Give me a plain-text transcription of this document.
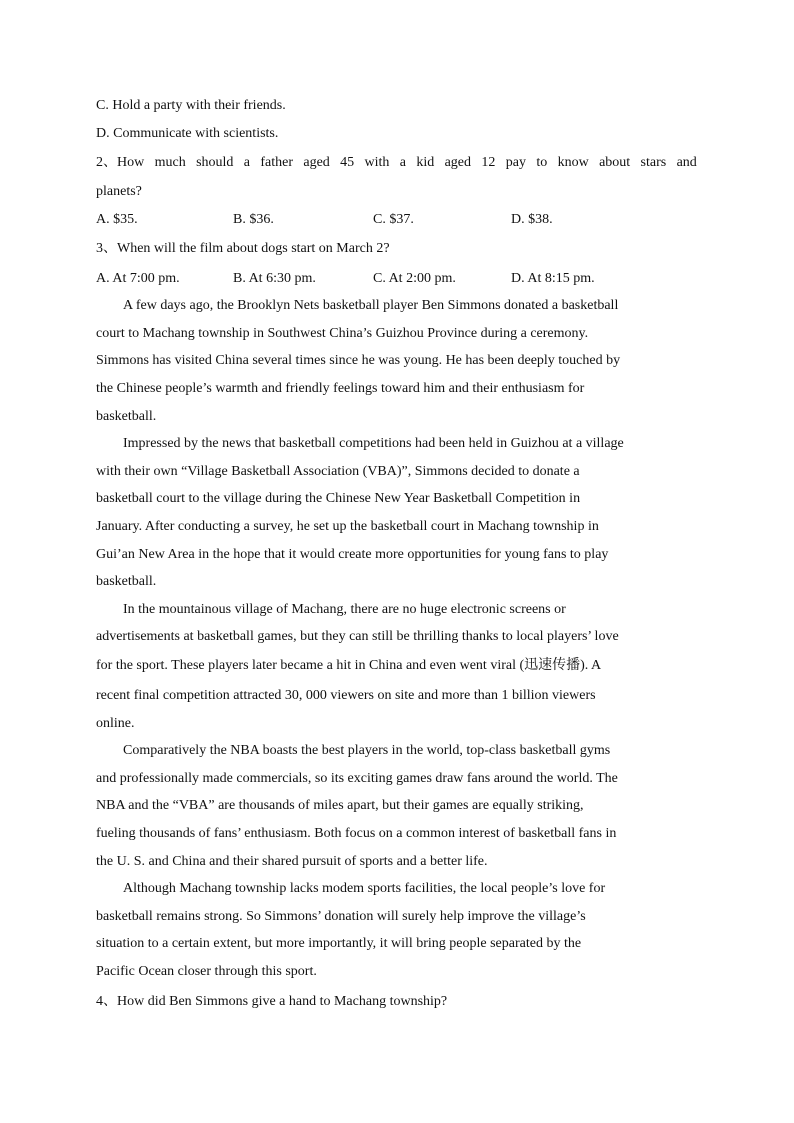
C. Hold a party with their friends.
D. Communicate with scientists.
2、How much should a father aged 45 with a kid aged 12 pay to know about stars and
planets?
A. $35.	B. $36.	C. $37.	D. $38.
3、When will the film about dogs start on March 2?
A. At 7:00 pm.	B. At 6:30 pm.	C. At 2:00 pm.	D. At 8:15 pm.
A few days ago, the Brooklyn Nets basketball player Ben Simmons donated a basketball
court to Machang township in Southwest China’s Guizhou Province during a ceremony.
Simmons has visited China several times since he was young. He has been deeply touched by
the Chinese people’s warmth and friendly feelings toward him and their enthusiasm for
basketball.
Impressed by the news that basketball competitions had been held in Guizhou at a village
with their own “Village Basketball Association (VBA)”, Simmons decided to donate a
basketball court to the village during the Chinese New Year Basketball Competition in
January. After conducting a survey, he set up the basketball court in Machang township in
Gui’an New Area in the hope that it would create more opportunities for young fans to play
basketball.
In the mountainous village of Machang, there are no huge electronic screens or
advertisements at basketball games, but they can still be thrilling thanks to local players’ love
for the sport. These players later became a hit in China and even went viral (迅速传播). A
recent final competition attracted 30, 000 viewers on site and more than 1 billion viewers
online.
Comparatively the NBA boasts the best players in the world, top-class basketball gyms
and professionally made commercials, so its exciting games draw fans around the world. The
NBA and the “VBA” are thousands of miles apart, but their games are equally striking,
fueling thousands of fans’ enthusiasm. Both focus on a common interest of basketball fans in
the U. S. and China and their shared pursuit of sports and a better life.
Although Machang township lacks modem sports facilities, the local people’s love for
basketball remains strong. So Simmons’ donation will surely help improve the village’s
situation to a certain extent, but more importantly, it will bring people separated by the
Pacific Ocean closer through this sport.
4、How did Ben Simmons give a hand to Machang township?
